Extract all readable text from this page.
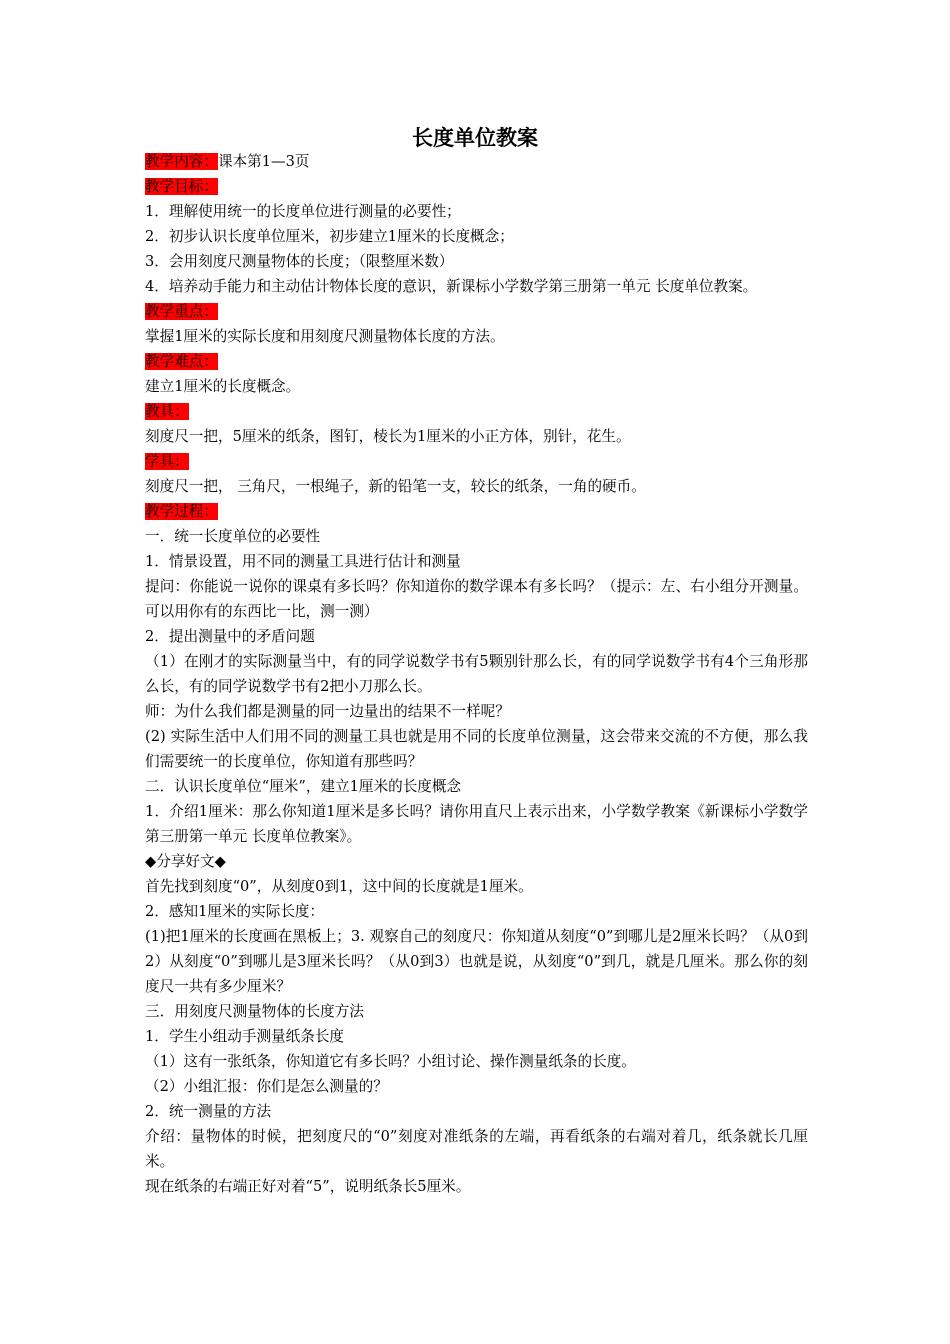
长度单位教案

教学内容：课本第1—3页

教学目标：

1．理解使用统一的长度单位进行测量的必要性；

2．初步认识长度单位厘米，初步建立1厘米的长度概念；

3．会用刻度尺测量物体的长度；（限整厘米数）

4．培养动手能力和主动估计物体长度的意识，新课标小学数学第三册第一单元 长度单位教案。

教学重点：

掌握1厘米的实际长度和用刻度尺测量物体长度的方法。

教学难点：

建立1厘米的长度概念。

教具：

刻度尺一把，5厘米的纸条，图钉，棱长为1厘米的小正方体，别针，花生。

学具：

刻度尺一把， 三角尺，一根绳子，新的铅笔一支，较长的纸条，一角的硬币。

教学过程：

一．统一长度单位的必要性

1．情景设置，用不同的测量工具进行估计和测量

提问：你能说一说你的课桌有多长吗？你知道你的数学课本有多长吗？（提示：左、右小组分开测量。可以用你有的东西比一比，测一测）

2．提出测量中的矛盾问题

（1）在刚才的实际测量当中，有的同学说数学书有5颗别针那么长，有的同学说数学书有4个三角形那么长，有的同学说数学书有2把小刀那么长。

师：为什么我们都是测量的同一边量出的结果不一样呢？

(2) 实际生活中人们用不同的测量工具也就是用不同的长度单位测量，这会带来交流的不方便，那么我们需要统一的长度单位，你知道有那些吗？

二．认识长度单位“厘米”，建立1厘米的长度概念

1．介绍1厘米：那么你知道1厘米是多长吗？请你用直尺上表示出来，小学数学教案《新课标小学数学第三册第一单元 长度单位教案》。

◆分享好文◆

首先找到刻度“0”，从刻度0到1，这中间的长度就是1厘米。

2．感知1厘米的实际长度：

(1)把1厘米的长度画在黑板上；3. 观察自己的刻度尺：你知道从刻度“0”到哪儿是2厘米长吗？（从0到2）从刻度“0”到哪儿是3厘米长吗？（从0到3）也就是说，从刻度“0”到几，就是几厘米。那么你的刻度尺一共有多少厘米？

三．用刻度尺测量物体的长度方法

1．学生小组动手测量纸条长度

（1）这有一张纸条，你知道它有多长吗？小组讨论、操作测量纸条的长度。

（2）小组汇报：你们是怎么测量的？

2．统一测量的方法

介绍：量物体的时候，把刻度尺的“0”刻度对准纸条的左端，再看纸条的右端对着几，纸条就长几厘米。

现在纸条的右端正好对着“5”，说明纸条长5厘米。
